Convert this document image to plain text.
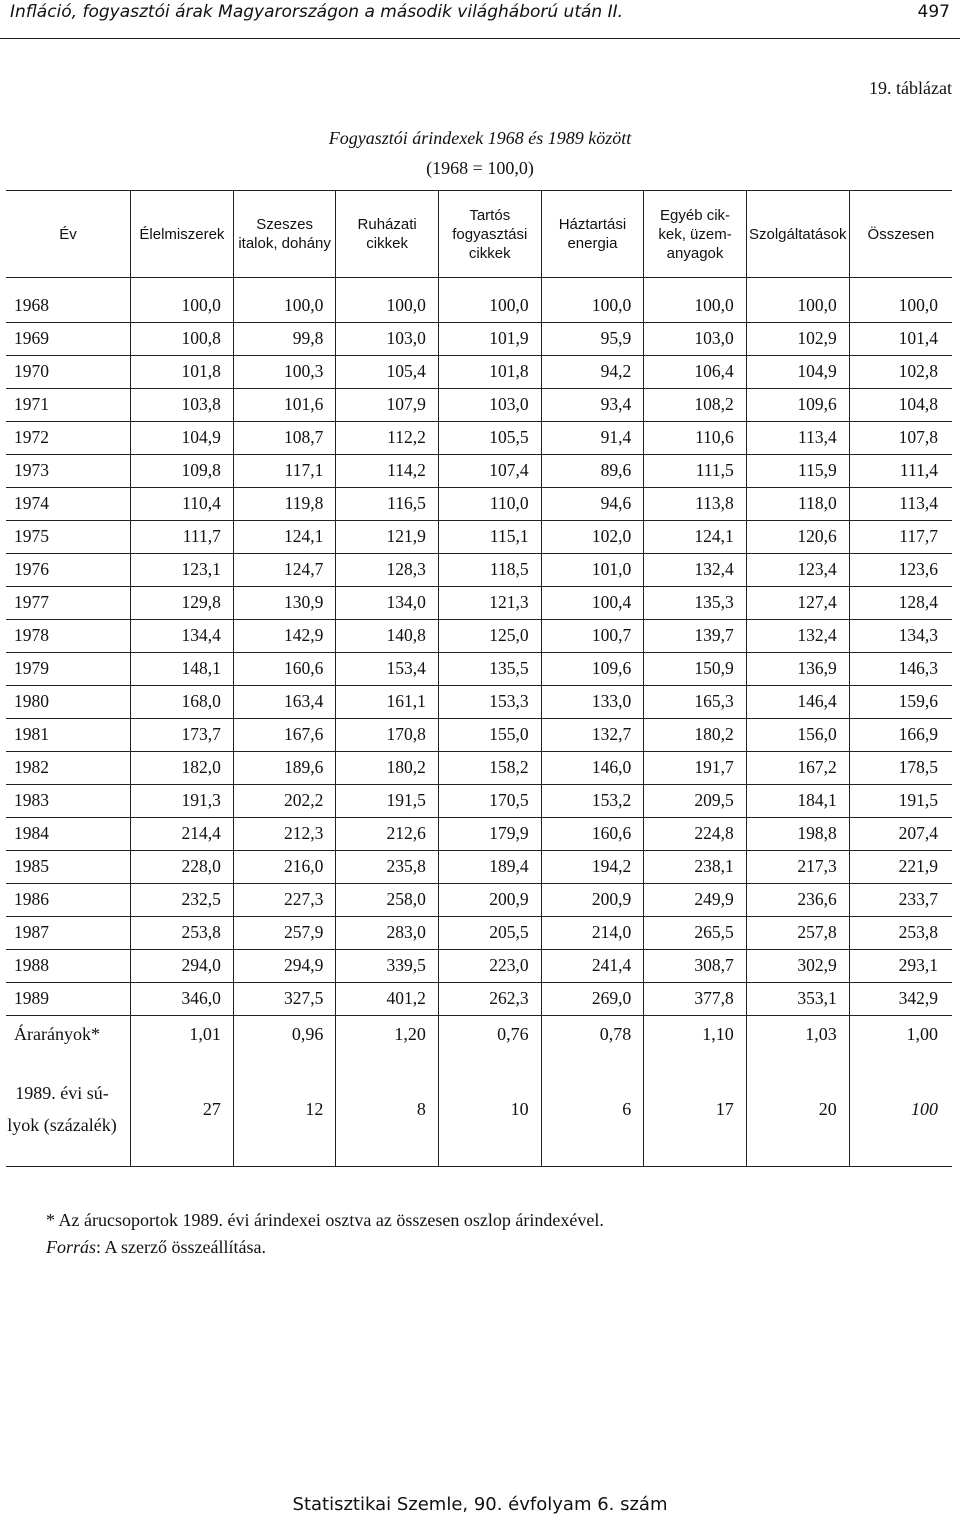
Infláció, fogyasztói árak Magyarországon a második világháború után II.	497
19. táblázat
Fogyasztói árindexek 1968 és 1989 között
(1968 = 100,0)
Év	Élelmiszerek	Szeszes italok, dohány	Ruházati cikkek	Tartós fogyasztási cikkek	Háztartási energia	Egyéb cik-kek, üzem-anyagok	Szolgáltatások	Összesen

1968	100,0	100,0	100,0	100,0	100,0	100,0	100,0	100,0
1969	100,8	99,8	103,0	101,9	95,9	103,0	102,9	101,4
1970	101,8	100,3	105,4	101,8	94,2	106,4	104,9	102,8
1971	103,8	101,6	107,9	103,0	93,4	108,2	109,6	104,8
1972	104,9	108,7	112,2	105,5	91,4	110,6	113,4	107,8
1973	109,8	117,1	114,2	107,4	89,6	111,5	115,9	111,4
1974	110,4	119,8	116,5	110,0	94,6	113,8	118,0	113,4
1975	111,7	124,1	121,9	115,1	102,0	124,1	120,6	117,7
1976	123,1	124,7	128,3	118,5	101,0	132,4	123,4	123,6
1977	129,8	130,9	134,0	121,3	100,4	135,3	127,4	128,4
1978	134,4	142,9	140,8	125,0	100,7	139,7	132,4	134,3
1979	148,1	160,6	153,4	135,5	109,6	150,9	136,9	146,3
1980	168,0	163,4	161,1	153,3	133,0	165,3	146,4	159,6
1981	173,7	167,6	170,8	155,0	132,7	180,2	156,0	166,9
1982	182,0	189,6	180,2	158,2	146,0	191,7	167,2	178,5
1983	191,3	202,2	191,5	170,5	153,2	209,5	184,1	191,5
1984	214,4	212,3	212,6	179,9	160,6	224,8	198,8	207,4
1985	228,0	216,0	235,8	189,4	194,2	238,1	217,3	221,9
1986	232,5	227,3	258,0	200,9	200,9	249,9	236,6	233,7
1987	253,8	257,9	283,0	205,5	214,0	265,5	257,8	253,8
1988	294,0	294,9	339,5	223,0	241,4	308,7	302,9	293,1
1989	346,0	327,5	401,2	262,3	269,0	377,8	353,1	342,9
Árarányok*	1,01	0,96	1,20	0,76	0,78	1,10	1,03	1,00

1989. évi sú-lyok (százalék)	27	12	8	10	6	17	20	100
* Az árucsoportok 1989. évi árindexei osztva az összesen oszlop árindexével.
Forrás: A szerző összeállítása.
Statisztikai Szemle, 90. évfolyam 6. szám
